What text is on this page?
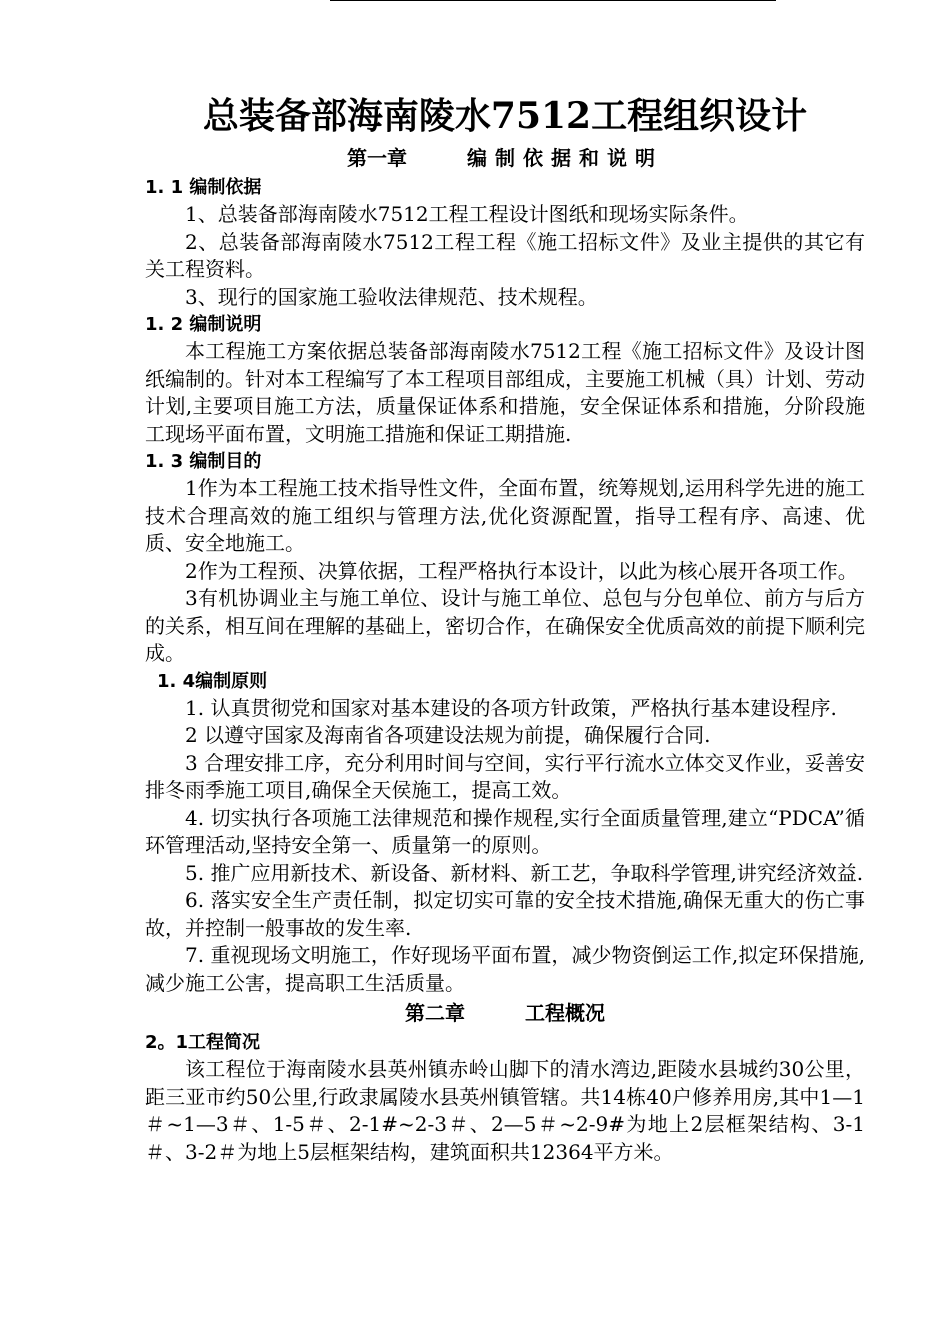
总装备部海南陵水7512工程组织设计
第一章	编制依据和说明
1. 1 编制依据

1、总装备部海南陵水7512工程工程设计图纸和现场实际条件。

2、总装备部海南陵水7512工程工程《施工招标文件》及业主提供的其它有关工程资料。

3、现行的国家施工验收法律规范、技术规程。

1. 2 编制说明

本工程施工方案依据总装备部海南陵水7512工程《施工招标文件》及设计图纸编制的。针对本工程编写了本工程项目部组成，主要施工机械（具）计划、劳动计划,主要项目施工方法，质量保证体系和措施，安全保证体系和措施，分阶段施工现场平面布置，文明施工措施和保证工期措施.

1. 3 编制目的

1作为本工程施工技术指导性文件，全面布置，统筹规划,运用科学先进的施工技术合理高效的施工组织与管理方法,优化资源配置，指导工程有序、高速、优质、安全地施工。

2作为工程预、决算依据，工程严格执行本设计，以此为核心展开各项工作。

3有机协调业主与施工单位、设计与施工单位、总包与分包单位、前方与后方的关系，相互间在理解的基础上，密切合作，在确保安全优质高效的前提下顺利完成。

1. 4编制原则

1. 认真贯彻党和国家对基本建设的各项方针政策，严格执行基本建设程序.

2 以遵守国家及海南省各项建设法规为前提，确保履行合同.

3 合理安排工序，充分利用时间与空间，实行平行流水立体交叉作业，妥善安排冬雨季施工项目,确保全天侯施工，提高工效。

4. 切实执行各项施工法律规范和操作规程,实行全面质量管理,建立“PDCA”循环管理活动,坚持安全第一、质量第一的原则。

5. 推广应用新技术、新设备、新材料、新工艺，争取科学管理,讲究经济效益.

6. 落实安全生产责任制，拟定切实可靠的安全技术措施,确保无重大的伤亡事故，并控制一般事故的发生率.

7. 重视现场文明施工，作好现场平面布置，减少物资倒运工作,拟定环保措施,减少施工公害，提高职工生活质量。

第二章	工程概况
2。1工程简况

该工程位于海南陵水县英州镇赤岭山脚下的清水湾边,距陵水县城约30公里，距三亚市约50公里,行政隶属陵水县英州镇管辖。共14栋40户修养用房,其中1—1＃~1—3＃、1-5＃、2-1#~2-3＃、2—5＃~2-9#为地上2层框架结构、3-1＃、3-2＃为地上5层框架结构，建筑面积共12364平方米。
